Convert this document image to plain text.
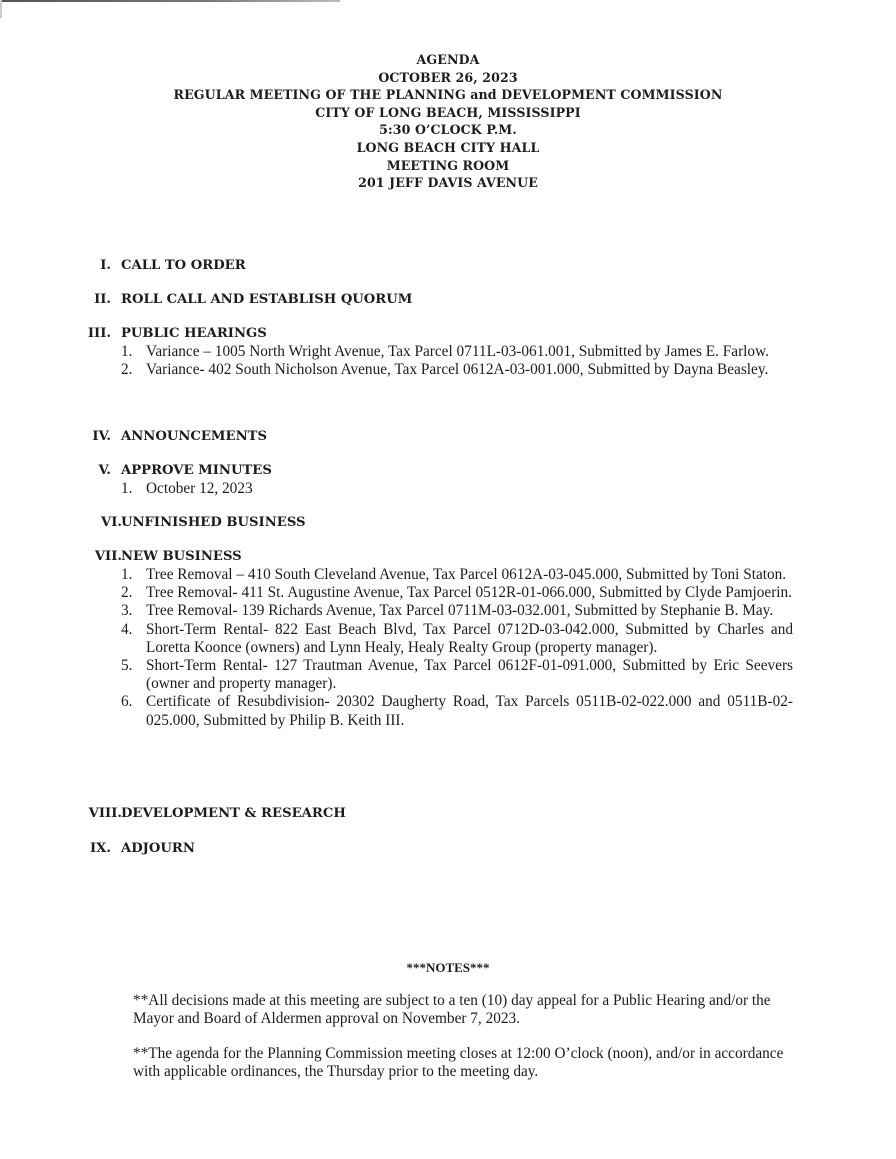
AGENDA
OCTOBER 26, 2023
REGULAR MEETING OF THE PLANNING and DEVELOPMENT COMMISSION
CITY OF LONG BEACH, MISSISSIPPI
5:30 O’CLOCK P.M.
LONG BEACH CITY HALL
MEETING ROOM
201 JEFF DAVIS AVENUE
I. CALL TO ORDER
II. ROLL CALL AND ESTABLISH QUORUM
III. PUBLIC HEARINGS
1. Variance – 1005 North Wright Avenue, Tax Parcel 0711L-03-061.001, Submitted by James E. Farlow.
2. Variance- 402 South Nicholson Avenue, Tax Parcel 0612A-03-001.000, Submitted by Dayna Beasley.
IV. ANNOUNCEMENTS
V. APPROVE MINUTES
1. October 12, 2023
VI. UNFINISHED BUSINESS
VII. NEW BUSINESS
1. Tree Removal – 410 South Cleveland Avenue, Tax Parcel 0612A-03-045.000, Submitted by Toni Staton.
2. Tree Removal- 411 St. Augustine Avenue, Tax Parcel 0512R-01-066.000, Submitted by Clyde Pamjoerin.
3. Tree Removal- 139 Richards Avenue, Tax Parcel 0711M-03-032.001, Submitted by Stephanie B. May.
4. Short-Term Rental- 822 East Beach Blvd, Tax Parcel 0712D-03-042.000, Submitted by Charles and Loretta Koonce (owners) and Lynn Healy, Healy Realty Group (property manager).
5. Short-Term Rental- 127 Trautman Avenue, Tax Parcel 0612F-01-091.000, Submitted by Eric Seevers (owner and property manager).
6. Certificate of Resubdivision- 20302 Daugherty Road, Tax Parcels 0511B-02-022.000 and 0511B-02-025.000, Submitted by Philip B. Keith III.
VIII. DEVELOPMENT & RESEARCH
IX. ADJOURN
***NOTES***
**All decisions made at this meeting are subject to a ten (10) day appeal for a Public Hearing and/or the Mayor and Board of Aldermen approval on November 7, 2023.
**The agenda for the Planning Commission meeting closes at 12:00 O’clock (noon), and/or in accordance with applicable ordinances, the Thursday prior to the meeting day.
